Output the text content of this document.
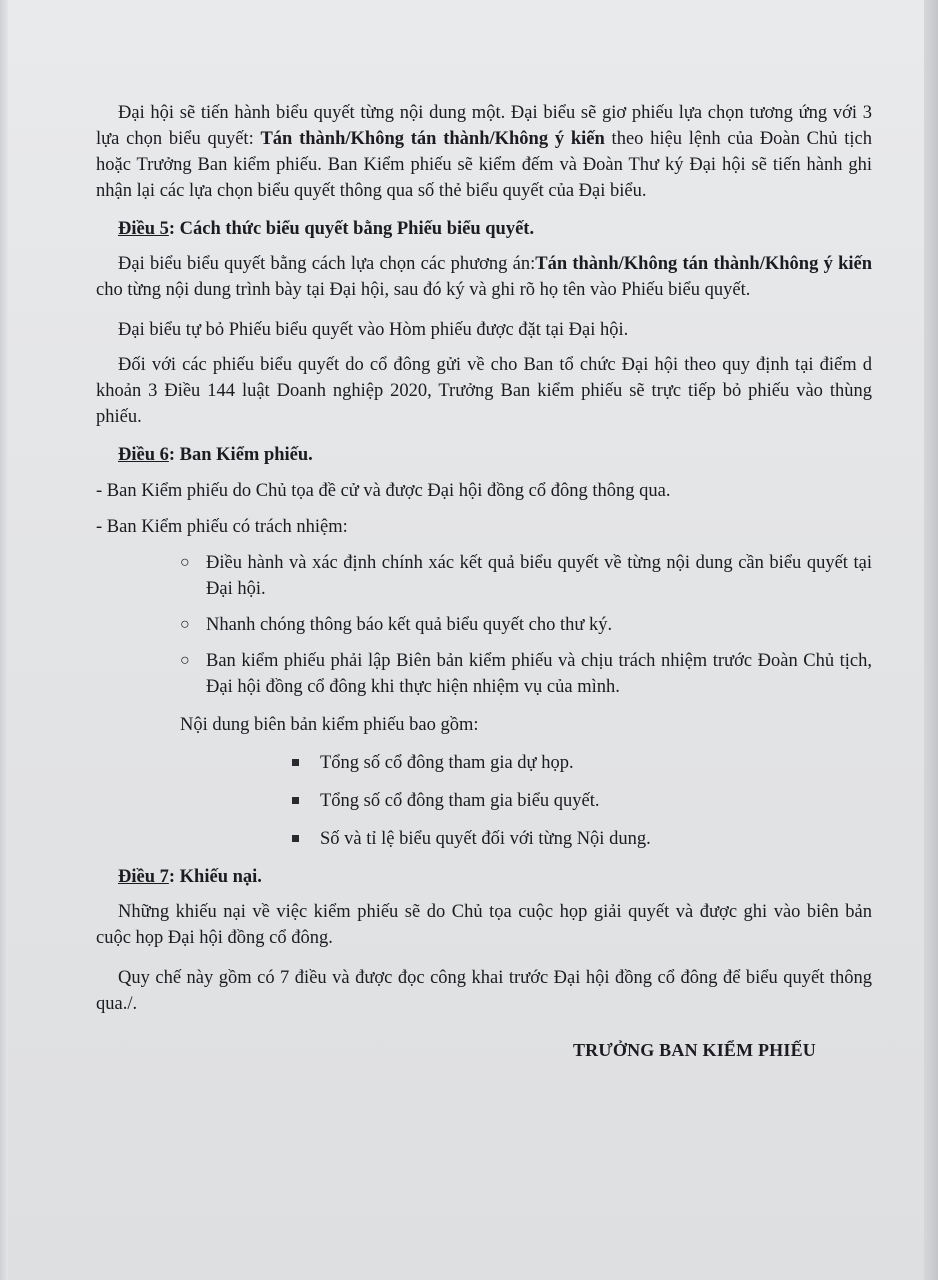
Đại hội sẽ tiến hành biểu quyết từng nội dung một. Đại biểu sẽ giơ phiếu lựa chọn tương ứng với 3 lựa chọn biểu quyết: Tán thành/Không tán thành/Không ý kiến theo hiệu lệnh của Đoàn Chủ tịch hoặc Trưởng Ban kiểm phiếu. Ban Kiểm phiếu sẽ kiểm đếm và Đoàn Thư ký Đại hội sẽ tiến hành ghi nhận lại các lựa chọn biểu quyết thông qua số thẻ biểu quyết của Đại biểu.

Điều 5: Cách thức biểu quyết bằng Phiếu biểu quyết.

Đại biểu biểu quyết bằng cách lựa chọn các phương án:Tán thành/Không tán thành/Không ý kiến cho từng nội dung trình bày tại Đại hội, sau đó ký và ghi rõ họ tên vào Phiếu biểu quyết.

Đại biểu tự bỏ Phiếu biểu quyết vào Hòm phiếu được đặt tại Đại hội.

Đối với các phiếu biểu quyết do cổ đông gửi về cho Ban tổ chức Đại hội theo quy định tại điểm d khoản 3 Điều 144 luật Doanh nghiệp 2020, Trưởng Ban kiểm phiếu sẽ trực tiếp bỏ phiếu vào thùng phiếu.

Điều 6: Ban Kiểm phiếu.

- Ban Kiểm phiếu do Chủ tọa đề cử và được Đại hội đồng cổ đông thông qua.

- Ban Kiểm phiếu có trách nhiệm:

○ Điều hành và xác định chính xác kết quả biểu quyết về từng nội dung cần biểu quyết tại Đại hội.
○ Nhanh chóng thông báo kết quả biểu quyết cho thư ký.
○ Ban kiểm phiếu phải lập Biên bản kiểm phiếu và chịu trách nhiệm trước Đoàn Chủ tịch, Đại hội đồng cổ đông khi thực hiện nhiệm vụ của mình.

Nội dung biên bản kiểm phiếu bao gồm:

Tổng số cổ đông tham gia dự họp.
Tổng số cổ đông tham gia biểu quyết.
Số và tỉ lệ biểu quyết đối với từng Nội dung.

Điều 7: Khiếu nại.

Những khiếu nại về việc kiểm phiếu sẽ do Chủ tọa cuộc họp giải quyết và được ghi vào biên bản cuộc họp Đại hội đồng cổ đông.

Quy chế này gồm có 7 điều và được đọc công khai trước Đại hội đồng cổ đông để biểu quyết thông qua./.

TRƯỞNG BAN KIỂM PHIẾU
